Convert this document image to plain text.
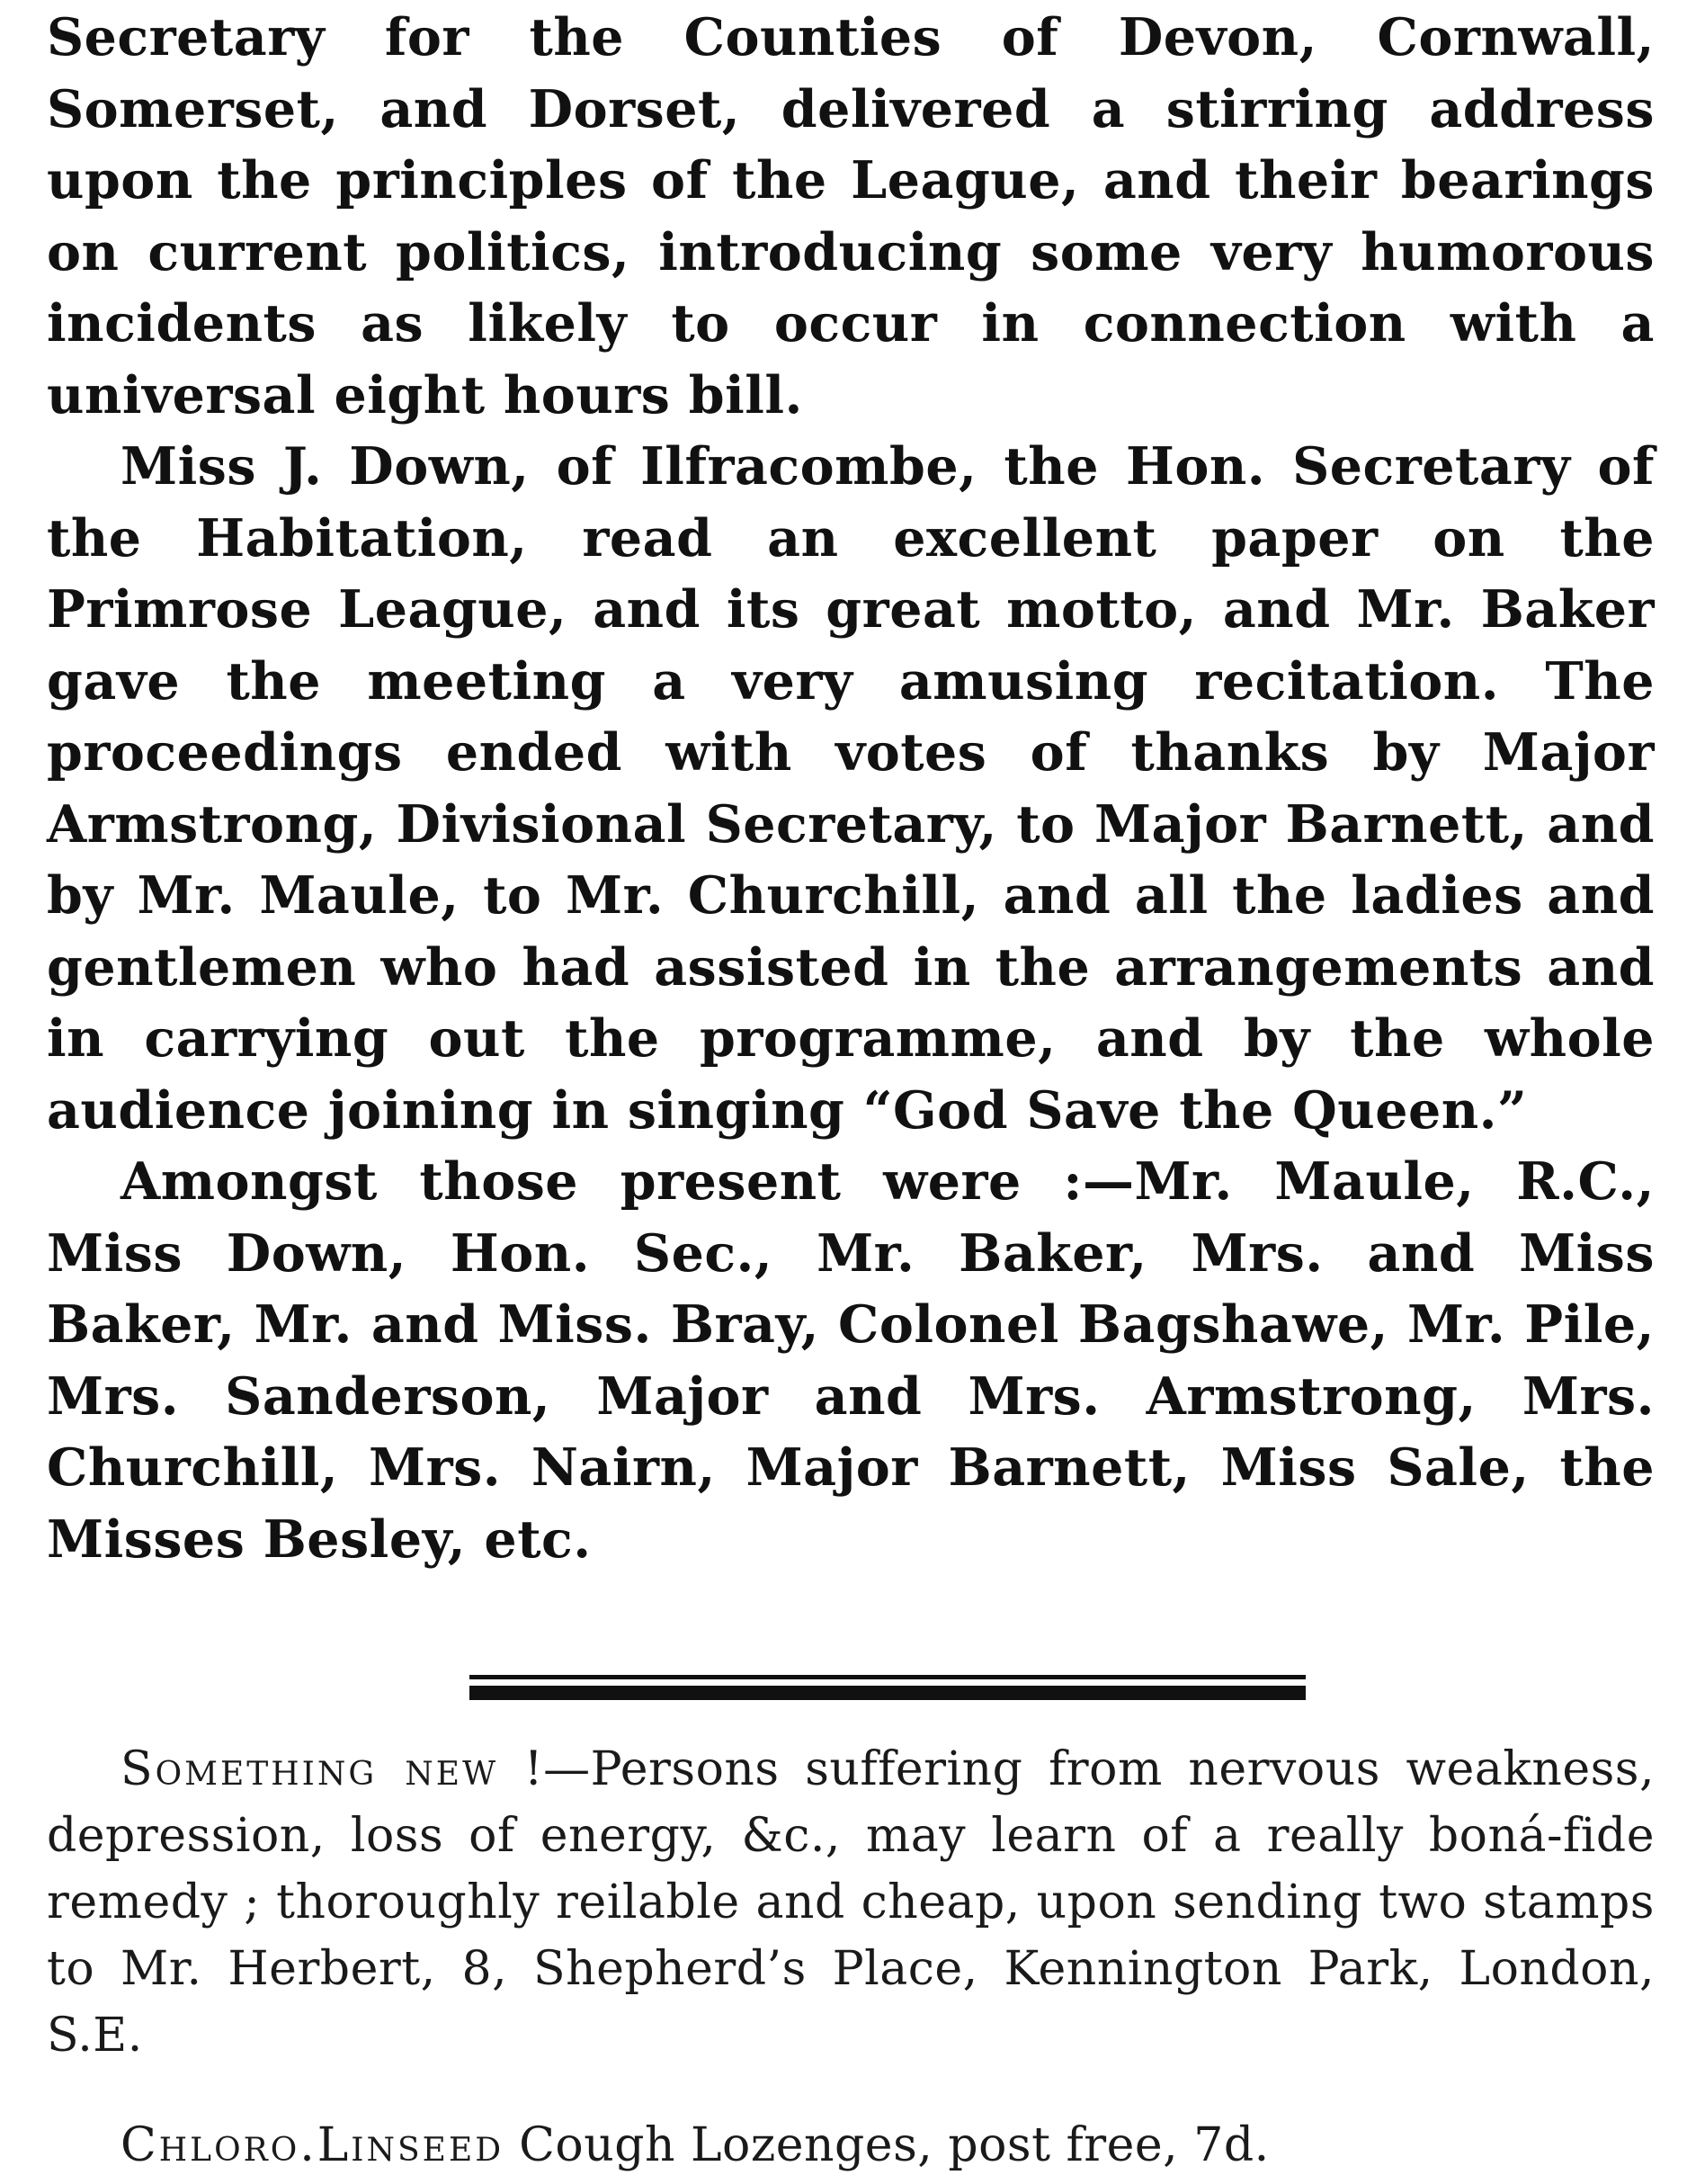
Secretary for the Counties of Devon, Cornwall, Somerset, and Dorset, delivered a stirring address upon the principles of the League, and their bearings on current politics, introducing some very humorous incidents as likely to occur in connection with a universal eight hours bill.

Miss J. Down, of Ilfracombe, the Hon. Secretary of the Habitation, read an excellent paper on the Primrose League, and its great motto, and Mr. Baker gave the meeting a very amusing recitation. The proceedings ended with votes of thanks by Major Armstrong, Divisional Secretary, to Major Barnett, and by Mr. Maule, to Mr. Churchill, and all the ladies and gentlemen who had assisted in the arrangements and in carrying out the programme, and by the whole audience joining in singing “God Save the Queen.”

Amongst those present were :—Mr. Maule, R.C., Miss Down, Hon. Sec., Mr. Baker, Mrs. and Miss Baker, Mr. and Miss. Bray, Colonel Bagshawe, Mr. Pile, Mrs. Sanderson, Major and Mrs. Armstrong, Mrs. Churchill, Mrs. Nairn, Major Barnett, Miss Sale, the Misses Besley, etc.

Something new !—Persons suffering from nervous weakness, depression, loss of energy, &c., may learn of a really boná-fide remedy ; thoroughly reilable and cheap, upon sending two stamps to Mr. Herbert, 8, Shepherd’s Place, Kennington Park, London, S.E.

Chloro.Linseed Cough Lozenges, post free, 7d.
